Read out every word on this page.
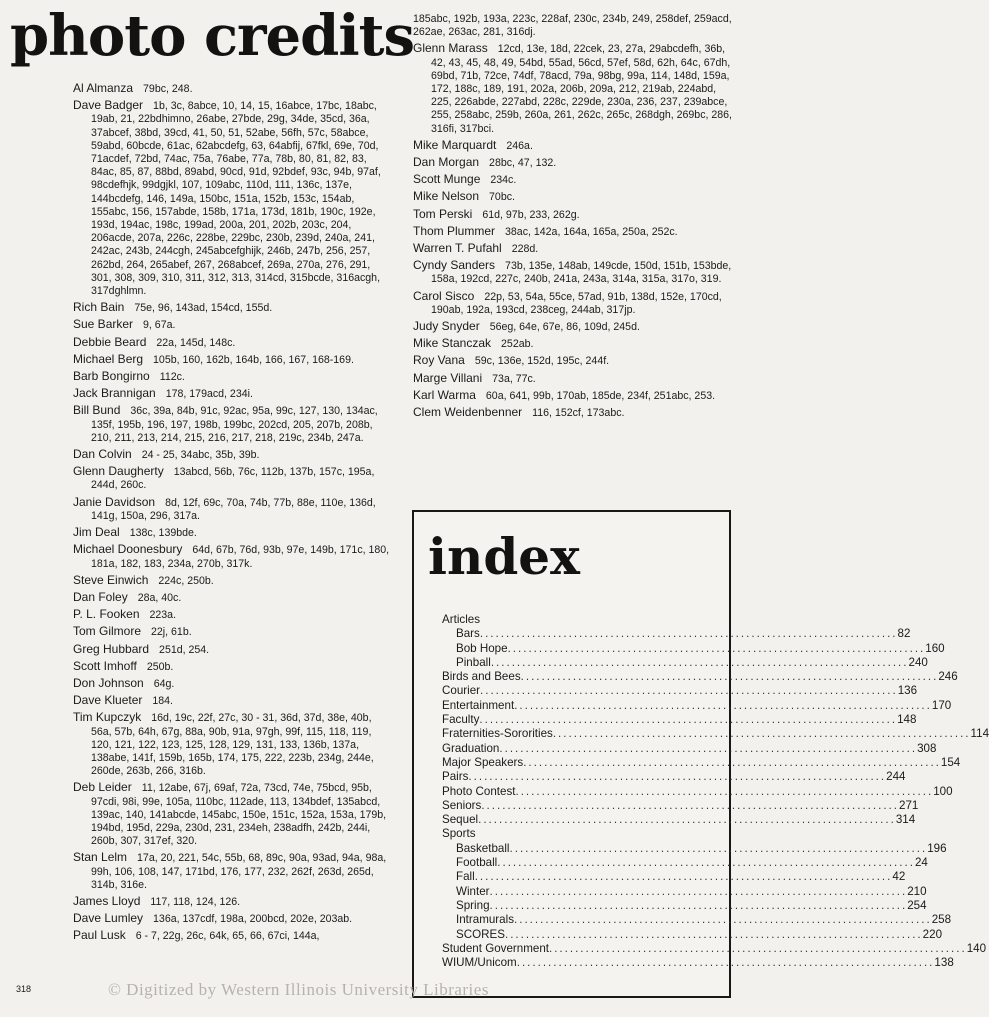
photo credits
Al Almanza 79bc, 248.
Dave Badger 1b, 3c, 8abce, 10, 14, 15, 16abce, 17bc, 18abc, 19ab, 21, 22bdhimno, 26abe, 27bde, 29g, 34de, 35cd, 36a, 37abcef, 38bd, 39cd, 41, 50, 51, 52abe, 56fh, 57c, 58abce, 59abd, 60bcde, 61ac, 62abcdefg, 63, 64abfij, 67fkl, 69e, 70d, 71acdef, 72bd, 74ac, 75a, 76abe, 77a, 78b, 80, 81, 82, 83, 84ac, 85, 87, 88bd, 89abd, 90cd, 91d, 92bdef, 93c, 94b, 97af, 98cdefhjk, 99dgjkl, 107, 109abc, 110d, 111, 136c, 137e, 144bcdefg, 146, 149a, 150bc, 151a, 152b, 153c, 154ab, 155abc, 156, 157abde, 158b, 171a, 173d, 181b, 190c, 192e, 193d, 194ac, 198c, 199ad, 200a, 201, 202b, 203c, 204, 206acde, 207a, 226c, 228be, 229bc, 230b, 239d, 240a, 241, 242ac, 243b, 244cgh, 245abcefghijk, 246b, 247b, 256, 257, 262bd, 264, 265abef, 267, 268abcef, 269a, 270a, 276, 291, 301, 308, 309, 310, 311, 312, 313, 314cd, 315bcde, 316acgh, 317dghlmn.
Rich Bain 75e, 96, 143ad, 154cd, 155d.
Sue Barker 9, 67a.
Debbie Beard 22a, 145d, 148c.
Michael Berg 105b, 160, 162b, 164b, 166, 167, 168-169.
Barb Bongirno 112c.
Jack Brannigan 178, 179acd, 234i.
Bill Bund 36c, 39a, 84b, 91c, 92ac, 95a, 99c, 127, 130, 134ac, 135f, 195b, 196, 197, 198b, 199bc, 202cd, 205, 207b, 208b, 210, 211, 213, 214, 215, 216, 217, 218, 219c, 234b, 247a.
Dan Colvin 24 - 25, 34abc, 35b, 39b.
Glenn Daugherty 13abcd, 56b, 76c, 112b, 137b, 157c, 195a, 244d, 260c.
Janie Davidson 8d, 12f, 69c, 70a, 74b, 77b, 88e, 110e, 136d, 141g, 150a, 296, 317a.
Jim Deal 138c, 139bde.
Michael Doonesbury 64d, 67b, 76d, 93b, 97e, 149b, 171c, 180, 181a, 182, 183, 234a, 270b, 317k.
Steve Einwich 224c, 250b.
Dan Foley 28a, 40c.
P. L. Fooken 223a.
Tom Gilmore 22j, 61b.
Greg Hubbard 251d, 254.
Scott Imhoff 250b.
Don Johnson 64g.
Dave Klueter 184.
Tim Kupczyk 16d, 19c, 22f, 27c, 30 - 31, 36d, 37d, 38e, 40b, 56a, 57b, 64h, 67g, 88a, 90b, 91a, 97gh, 99f, 115, 118, 119, 120, 121, 122, 123, 125, 128, 129, 131, 133, 136b, 137a, 138abe, 141f, 159b, 165b, 174, 175, 222, 223b, 234g, 244e, 260de, 263b, 266, 316b.
Deb Leider 11, 12abe, 67j, 69af, 72a, 73cd, 74e, 75bcd, 95b, 97cdi, 98i, 99e, 105a, 110bc, 112ade, 113, 134bdef, 135abcd, 139ac, 140, 141abcde, 145abc, 150e, 151c, 152a, 153a, 179b, 194bd, 195d, 229a, 230d, 231, 234eh, 238adfh, 242b, 244i, 260b, 307, 317ef, 320.
Stan Lelm 17a, 20, 221, 54c, 55b, 68, 89c, 90a, 93ad, 94a, 98a, 99h, 106, 108, 147, 171bd, 176, 177, 232, 262f, 263d, 265d, 314b, 316e.
James Lloyd 117, 118, 124, 126.
Dave Lumley 136a, 137cdf, 198a, 200bcd, 202e, 203ab.
Paul Lusk 6 - 7, 22g, 26c, 64k, 65, 66, 67ci, 144a,
185abc, 192b, 193a, 223c, 228af, 230c, 234b, 249, 258def, 259acd, 262ae, 263ac, 281, 316dj.
Glenn Marass 12cd, 13e, 18d, 22cek, 23, 27a, 29abcdefh, 36b, 42, 43, 45, 48, 49, 54bd, 55ad, 56cd, 57ef, 58d, 62h, 64c, 67dh, 69bd, 71b, 72ce, 74df, 78acd, 79a, 98bg, 99a, 114, 148d, 159a, 172, 188c, 189, 191, 202a, 206b, 209a, 212, 219ab, 224abd, 225, 226abde, 227abd, 228c, 229de, 230a, 236, 237, 239abce, 255, 258abc, 259b, 260a, 261, 262c, 265c, 268dgh, 269bc, 286, 316fi, 317bci.
Mike Marquardt 246a.
Dan Morgan 28bc, 47, 132.
Scott Munge 234c.
Mike Nelson 70bc.
Tom Perski 61d, 97b, 233, 262g.
Thom Plummer 38ac, 142a, 164a, 165a, 250a, 252c.
Warren T. Pufahl 228d.
Cyndy Sanders 73b, 135e, 148ab, 149cde, 150d, 151b, 153bde, 158a, 192cd, 227c, 240b, 241a, 243a, 314a, 315a, 317o, 319.
Carol Sisco 22p, 53, 54a, 55ce, 57ad, 91b, 138d, 152e, 170cd, 190ab, 192a, 193cd, 238ceg, 244ab, 317jp.
Judy Snyder 56eg, 64e, 67e, 86, 109d, 245d.
Mike Stanczak 252ab.
Roy Vana 59c, 136e, 152d, 195c, 244f.
Marge Villani 73a, 77c.
Karl Warma 60a, 641, 99b, 170ab, 185de, 234f, 251abc, 253.
Clem Weidenbenner 116, 152cf, 173abc.
index
Articles
Bars ................................................................................ 82
Bob Hope ................................................................................ 160
Pinball ................................................................................ 240
Birds and Bees ................................................................................ 246
Courier ................................................................................ 136
Entertainment ................................................................................ 170
Faculty ................................................................................ 148
Fraternities-Sororities ................................................................................ 114
Graduation ................................................................................ 308
Major Speakers ................................................................................ 154
Pairs ................................................................................ 244
Photo Contest ................................................................................ 100
Seniors ................................................................................ 271
Sequel ................................................................................ 314
Sports
Basketball ................................................................................ 196
Football ................................................................................ 24
Fall ................................................................................ 42
Winter ................................................................................ 210
Spring ................................................................................ 254
Intramurals ................................................................................ 258
SCORES ................................................................................ 220
Student Government ................................................................................ 140
WIUM/Unicom ................................................................................ 138
318	© Digitized by Western Illinois University Libraries
